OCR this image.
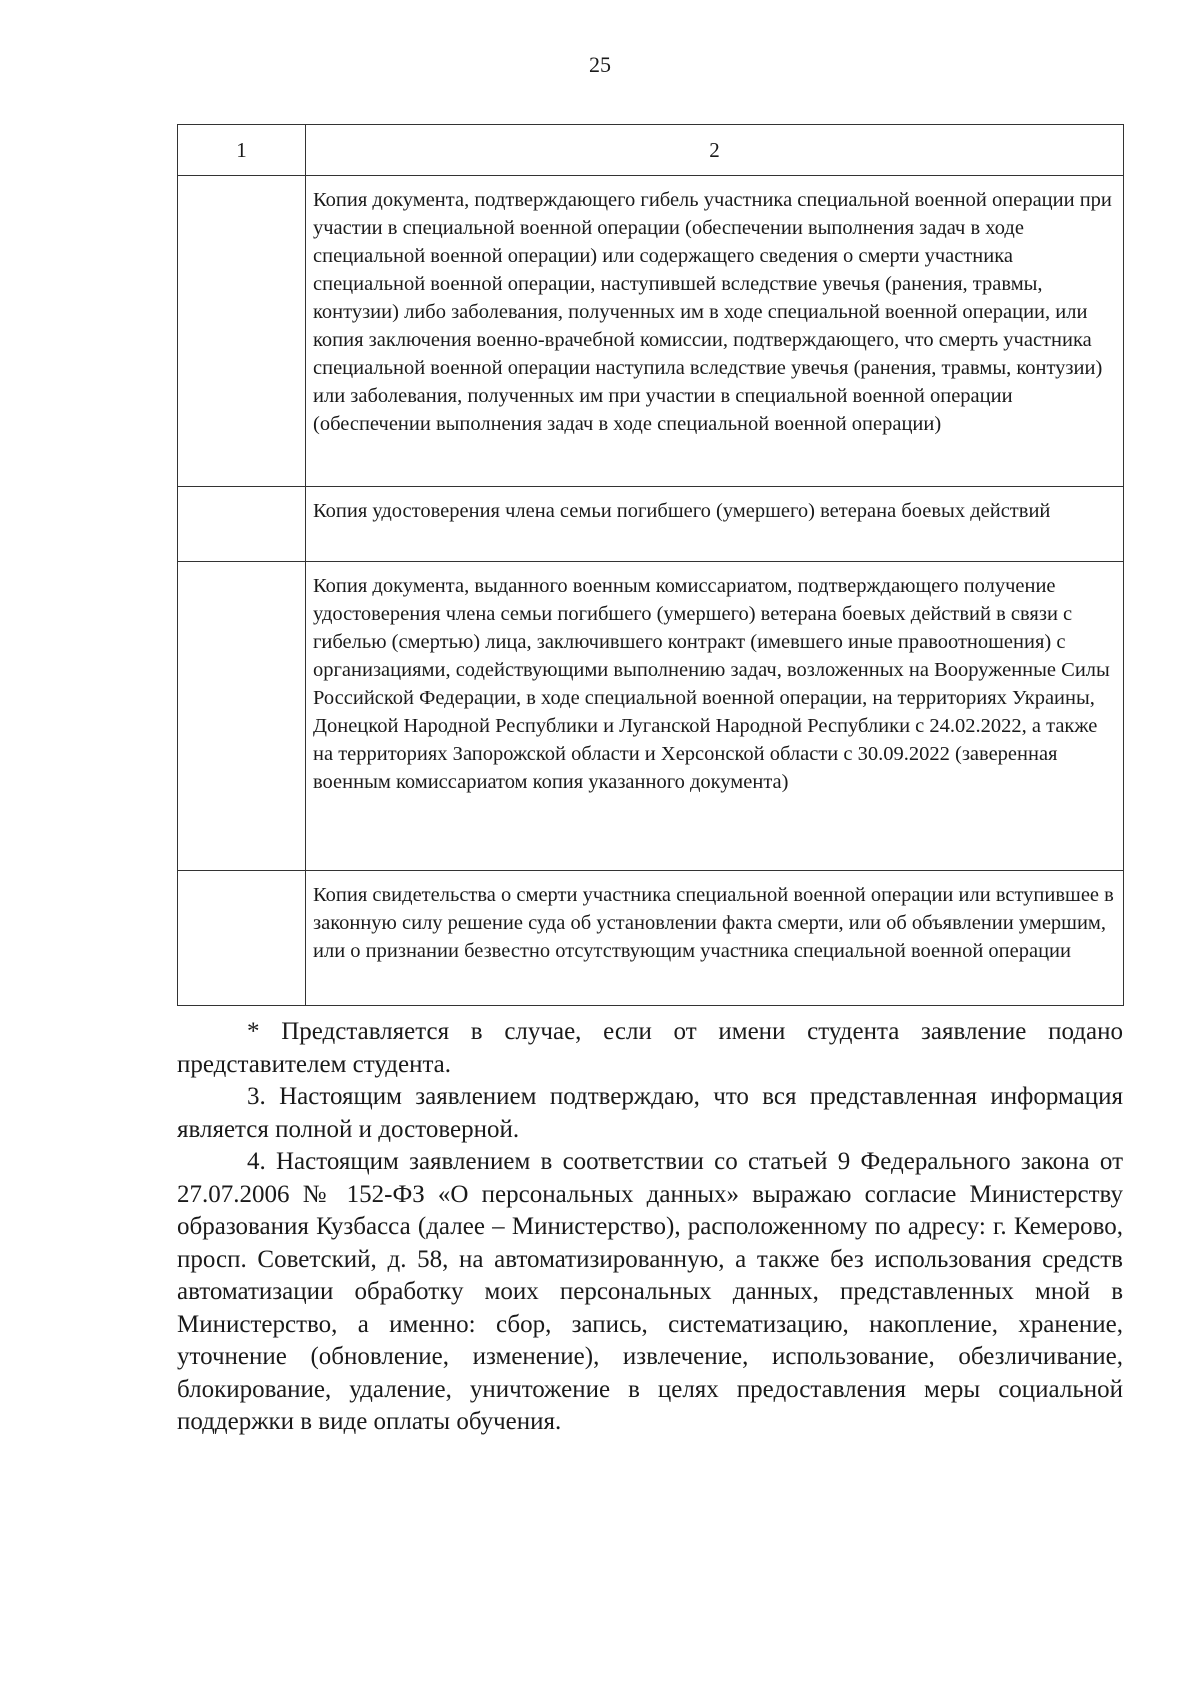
25
1	2

	Копия документа, подтверждающего гибель участника специальной военной операции при участии в специальной военной операции (обеспечении выполнения задач в ходе специальной военной операции) или содержащего сведения о смерти участника специальной военной операции, наступившей вследствие увечья (ранения, травмы, контузии) либо заболевания, полученных им в ходе специальной военной операции, или копия заключения военно-врачебной комиссии, подтверждающего, что смерть участника специальной военной операции наступила вследствие увечья (ранения, травмы, контузии) или заболевания, полученных им при участии в специальной военной операции (обеспечении выполнения задач в ходе специальной военной операции)

	Копия удостоверения члена семьи погибшего (умершего) ветерана боевых действий

	Копия документа, выданного военным комиссариатом, подтверждающего получение удостоверения члена семьи погибшего (умершего) ветерана боевых действий в связи с гибелью (смертью) лица, заключившего контракт (имевшего иные правоотношения) с организациями, содействующими выполнению задач, возложенных на Вооруженные Силы Российской Федерации, в ходе специальной военной операции, на территориях Украины, Донецкой Народной Республики и Луганской Народной Республики с 24.02.2022, а также на территориях Запорожской области и Херсонской области с 30.09.2022 (заверенная военным комиссариатом копия указанного документа)

	Копия свидетельства о смерти участника специальной военной операции или вступившее в законную силу решение суда об установлении факта смерти, или об объявлении умершим, или о признании безвестно отсутствующим участника специальной военной операции

* Представляется в случае, если от имени студента заявление подано представителем студента.

3. Настоящим заявлением подтверждаю, что вся представленная информация является полной и достоверной.

4. Настоящим заявлением в соответствии со статьей 9 Федерального закона от 27.07.2006 № 152-ФЗ «О персональных данных» выражаю согласие Министерству образования Кузбасса (далее – Министерство), расположенному по адресу: г. Кемерово, просп. Советский, д. 58, на автоматизированную, а также без использования средств автоматизации обработку моих персональных данных, представленных мной в Министерство, а именно: сбор, запись, систематизацию, накопление, хранение, уточнение (обновление, изменение), извлечение, использование, обезличивание, блокирование, удаление, уничтожение в целях предоставления меры социальной поддержки в виде оплаты обучения.
